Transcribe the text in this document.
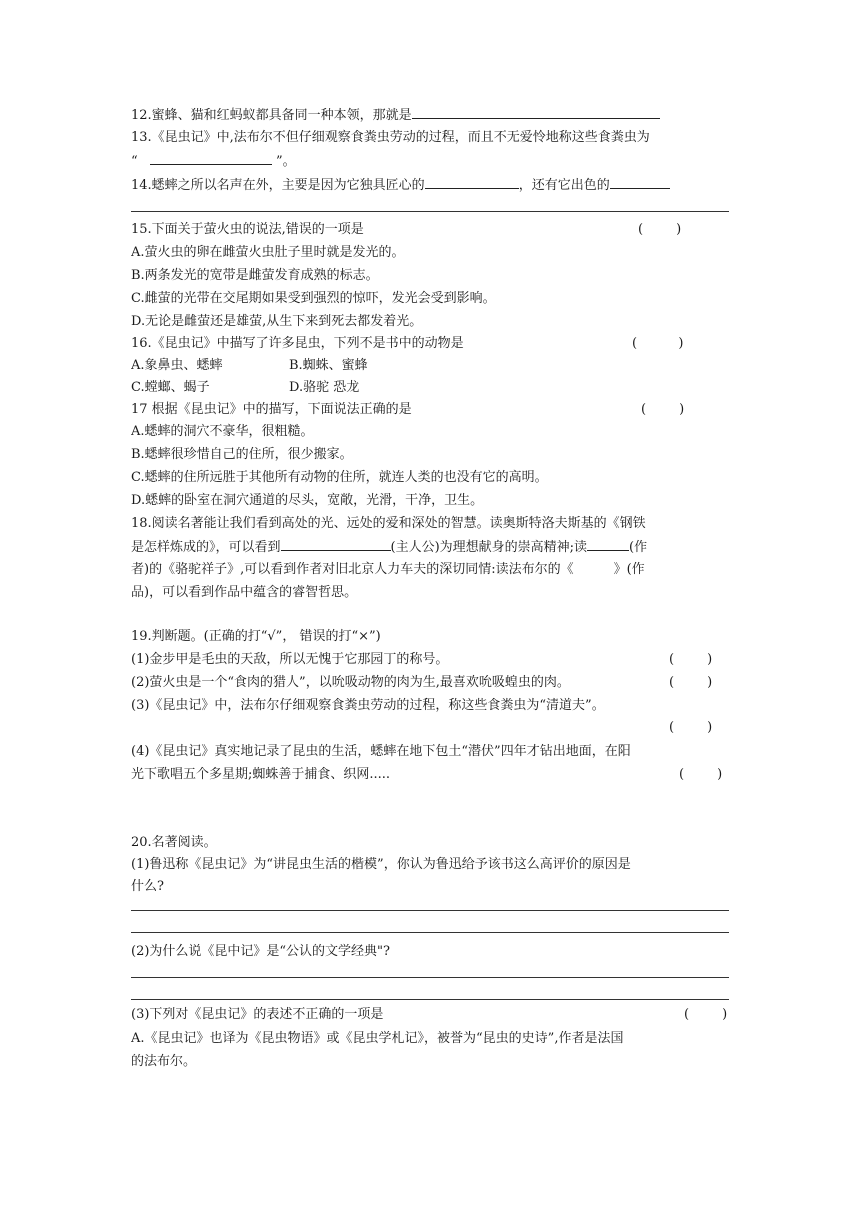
12.蜜蜂、猫和红蚂蚁都具备同一种本领，那就是
13.《昆虫记》中,法布尔不但仔细观察食粪虫劳动的过程，而且不无爱怜地称这些食粪虫为
“	”。
14.蟋蟀之所以名声在外，主要是因为它独具匠心的	，还有它出色的
15.下面关于萤火虫的说法,错误的一项是	(        )
A.萤火虫的卵在雌萤火虫肚子里时就是发光的。
B.两条发光的宽带是雌萤发育成熟的标志。
C.雌萤的光带在交尾期如果受到强烈的惊吓，发光会受到影响。
D.无论是雌萤还是雄萤,从生下来到死去都发着光。
16.《昆虫记》中描写了许多昆虫，下列不是书中的动物是	(          )
A.象鼻虫、蟋蟀	B.蜘蛛、蜜蜂
C.螳螂、蝎子	D.骆驼 恐龙
17 根据《昆虫记》中的描写，下面说法正确的是	(        )
A.蟋蟀的洞穴不豪华，很粗糙。
B.蟋蟀很珍惜自己的住所，很少搬家。
C.蟋蟀的住所远胜于其他所有动物的住所，就连人类的也没有它的高明。
D.蟋蟀的卧室在洞穴通道的尽头，宽敞，光滑，干净，卫生。
18.阅读名著能让我们看到高处的光、远处的爱和深处的智慧。读奥斯特洛夫斯基的《钢铁
是怎样炼成的》，可以看到	(主人公)为理想献身的崇高精神;读	(作
者)的《骆驼祥子》,可以看到作者对旧北京人力车夫的深切同情:读法布尔的《	》(作
品)，可以看到作品中蕴含的睿智哲思。
19.判断题。(正确的打“√”， 错误的打“×”)
(1)金步甲是毛虫的天敌，所以无愧于它那园丁的称号。	(        )
(2)萤火虫是一个“食肉的猎人”，以吮吸动物的肉为生,最喜欢吮吸蝗虫的肉。	(        )
(3)《昆虫记》中，法布尔仔细观察食粪虫劳动的过程，称这些食粪虫为“清道夫”。
(        )
(4)《昆虫记》真实地记录了昆虫的生活，蟋蟀在地下包土“潜伏”四年才钻出地面，在阳
光下歌唱五个多星期;蜘蛛善于捕食、织网.....	(        )
20.名著阅读。
(1)鲁迅称《昆虫记》为“讲昆虫生活的楷模”，你认为鲁迅给予该书这么高评价的原因是
什么?
(2)为什么说《昆中记》是“公认的文学经典"?
(3)下列对《昆虫记》的表述不正确的一项是	(        )
A.《昆虫记》也译为《昆虫物语》或《昆虫学札记》，被誉为“昆虫的史诗”,作者是法国
的法布尔。
